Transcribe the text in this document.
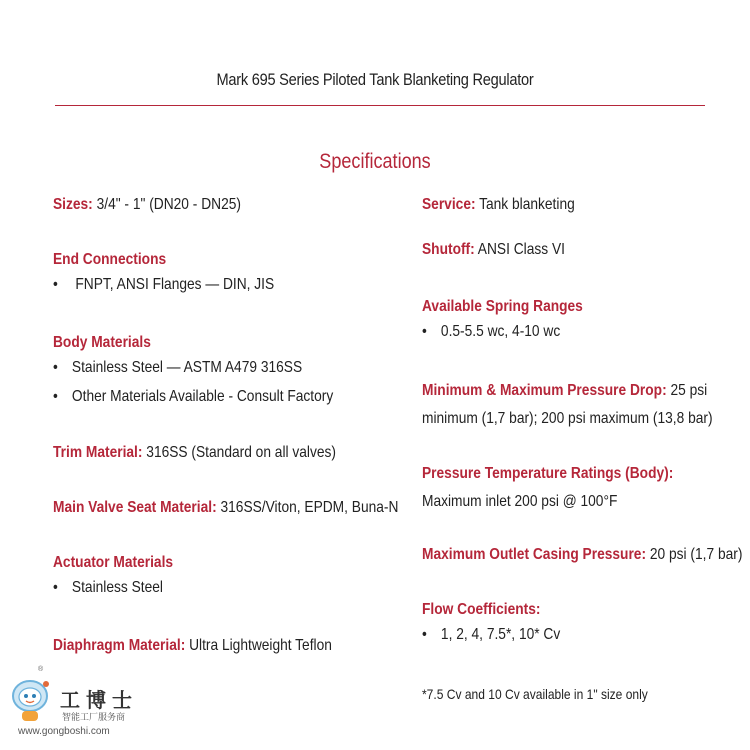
Mark 695 Series Piloted Tank Blanketing Regulator
Specifications
Sizes: 3/4" - 1" (DN20 - DN25)
End Connections
• FNPT, ANSI Flanges — DIN, JIS
Body Materials
• Stainless Steel — ASTM A479 316SS
• Other Materials Available - Consult Factory
Trim Material: 316SS (Standard on all valves)
Main Valve Seat Material: 316SS/Viton, EPDM, Buna-N
Actuator Materials
• Stainless Steel
Diaphragm Material: Ultra Lightweight Teflon
Service: Tank blanketing
Shutoff: ANSI Class VI
Available Spring Ranges
• 0.5-5.5 wc, 4-10 wc
Minimum & Maximum Pressure Drop: 25 psi
minimum (1,7 bar); 200 psi maximum (13,8 bar)
Pressure Temperature Ratings (Body):
Maximum inlet 200 psi @ 100°F
Maximum Outlet Casing Pressure: 20 psi (1,7 bar)
Flow Coefficients:
• 1, 2, 4, 7.5*, 10* Cv
*7.5 Cv and 10 Cv available in 1" size only
®
工博士
智能工厂服务商
www.gongboshi.com
